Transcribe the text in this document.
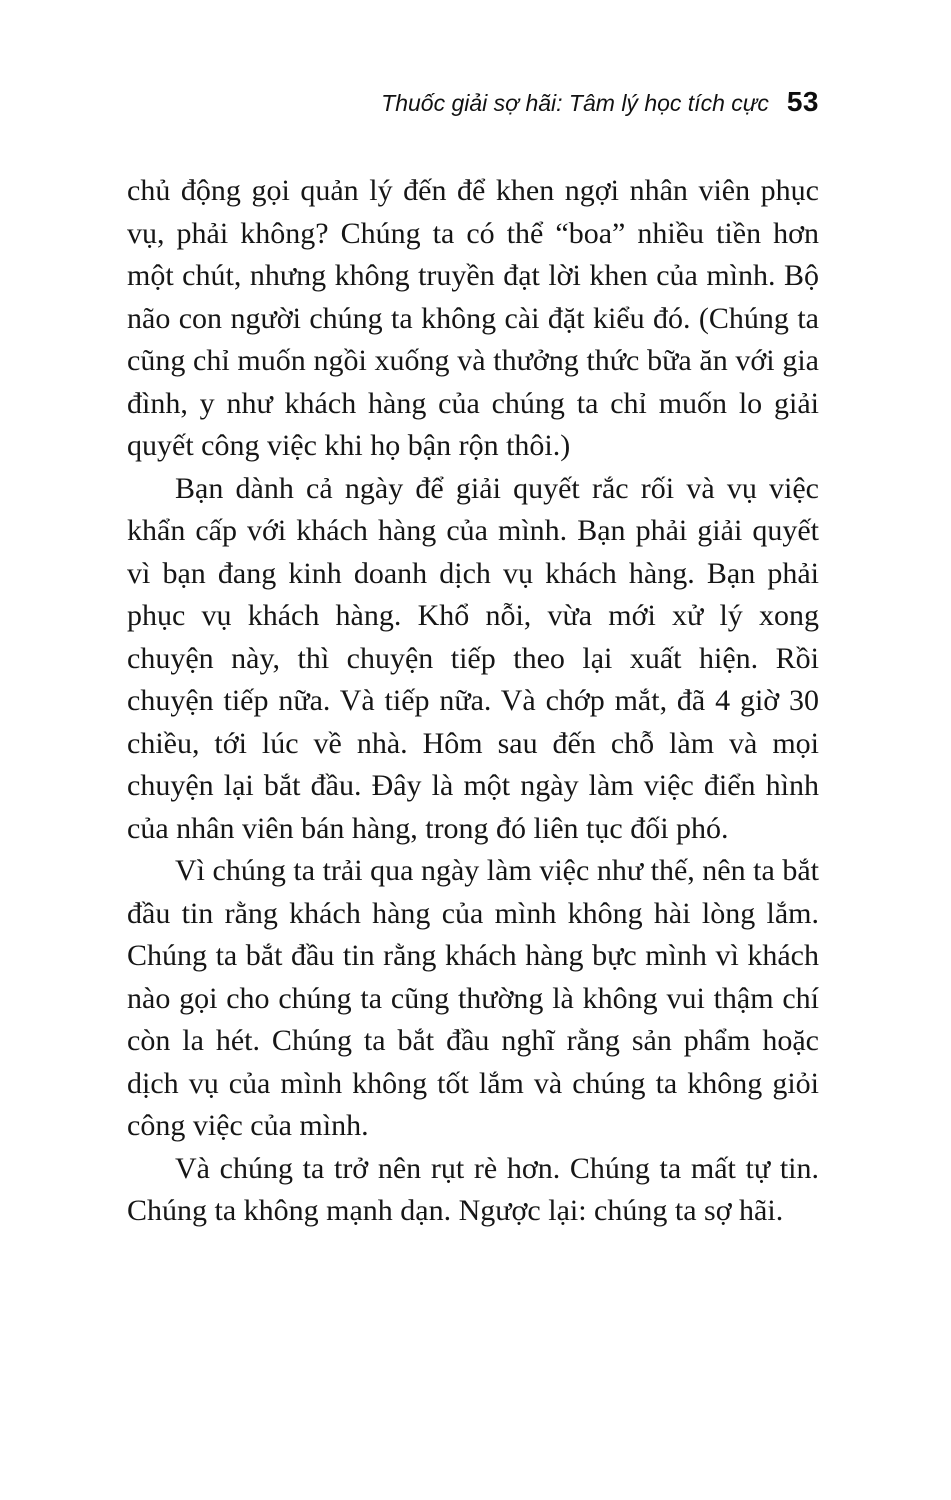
Thuốc giải sợ hãi: Tâm lý học tích cực 53

chủ động gọi quản lý đến để khen ngợi nhân viên phục vụ, phải không? Chúng ta có thể “boa” nhiều tiền hơn một chút, nhưng không truyền đạt lời khen của mình. Bộ não con người chúng ta không cài đặt kiểu đó. (Chúng ta cũng chỉ muốn ngồi xuống và thưởng thức bữa ăn với gia đình, y như khách hàng của chúng ta chỉ muốn lo giải quyết công việc khi họ bận rộn thôi.)

Bạn dành cả ngày để giải quyết rắc rối và vụ việc khẩn cấp với khách hàng của mình. Bạn phải giải quyết vì bạn đang kinh doanh dịch vụ khách hàng. Bạn phải phục vụ khách hàng. Khổ nỗi, vừa mới xử lý xong chuyện này, thì chuyện tiếp theo lại xuất hiện. Rồi chuyện tiếp nữa. Và tiếp nữa. Và chớp mắt, đã 4 giờ 30 chiều, tới lúc về nhà. Hôm sau đến chỗ làm và mọi chuyện lại bắt đầu. Đây là một ngày làm việc điển hình của nhân viên bán hàng, trong đó liên tục đối phó.

Vì chúng ta trải qua ngày làm việc như thế, nên ta bắt đầu tin rằng khách hàng của mình không hài lòng lắm. Chúng ta bắt đầu tin rằng khách hàng bực mình vì khách nào gọi cho chúng ta cũng thường là không vui thậm chí còn la hét. Chúng ta bắt đầu nghĩ rằng sản phẩm hoặc dịch vụ của mình không tốt lắm và chúng ta không giỏi công việc của mình.

Và chúng ta trở nên rụt rè hơn. Chúng ta mất tự tin. Chúng ta không mạnh dạn. Ngược lại: chúng ta sợ hãi.
